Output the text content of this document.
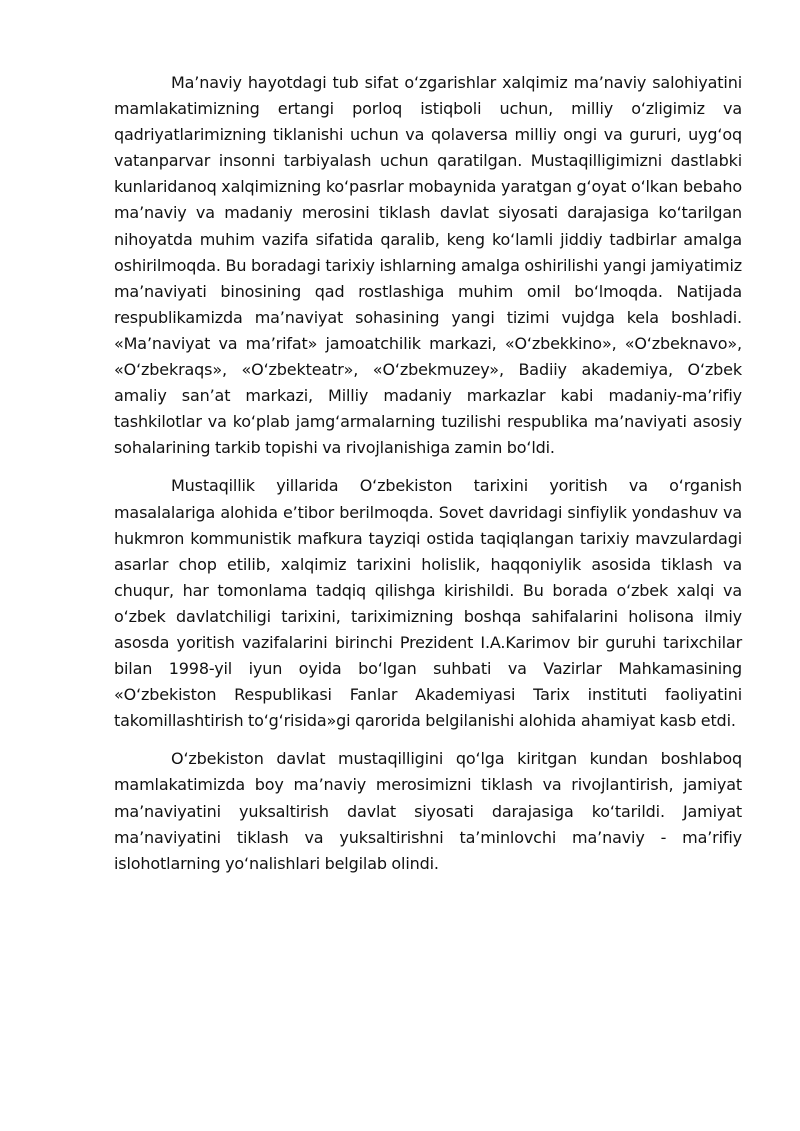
Ma’naviy hayotdagi tub sifat o‘zgarishlar xalqimiz ma’naviy salohiyatini mamlakatimizning ertangi porloq istiqboli uchun, milliy o‘zligimiz va qadriyatlarimizning tiklanishi uchun va qolaversa milliy ongi va gururi, uyg‘oq vatanparvar insonni tarbiyalash uchun qaratilgan. Mustaqilligimizni dastlabki kunlaridanoq xalqimizning ko‘pasrlar mobaynida yaratgan g‘oyat o‘lkan bebaho ma’naviy va madaniy merosini tiklash davlat siyosati darajasiga ko‘tarilgan nihoyatda muhim vazifa sifatida qaralib, keng ko‘lamli jiddiy tadbirlar amalga oshirilmoqda. Bu boradagi tarixiy ishlarning amalga oshirilishi yangi jamiyatimiz ma’naviyati binosining qad rostlashiga muhim omil bo‘lmoqda. Natijada respublikamizda ma’naviyat sohasining yangi tizimi vujdga kela boshladi. «Ma’naviyat va ma’rifat» jamoatchilik markazi, «O‘zbekkino», «O‘zbeknavo», «O‘zbekraqs», «O‘zbekteatr», «O‘zbekmuzey», Badiiy akademiya, O‘zbek amaliy san’at markazi, Milliy madaniy markazlar kabi madaniy-ma’rifiy tashkilotlar va ko‘plab jamg‘armalarning tuzilishi respublika ma’naviyati asosiy sohalarining tarkib topishi va rivojlanishiga zamin bo‘ldi.

Mustaqillik yillarida O‘zbekiston tarixini yoritish va o‘rganish masalalariga alohida e’tibor berilmoqda. Sovet davridagi sinfiylik yondashuv va hukmron kommunistik mafkura tayziqi ostida taqiqlangan tarixiy mavzulardagi asarlar chop etilib, xalqimiz tarixini holislik, haqqoniylik asosida tiklash va chuqur, har tomonlama tadqiq qilishga kirishildi. Bu borada o‘zbek xalqi va o‘zbek davlatchiligi tarixini, tariximizning boshqa sahifalarini holisona ilmiy asosda yoritish vazifalarini birinchi Prezident I.A.Karimov bir guruhi tarixchilar bilan 1998-yil iyun oyida bo‘lgan suhbati va Vazirlar Mahkamasining «O‘zbekiston Respublikasi Fanlar Akademiyasi Tarix instituti faoliyatini takomillashtirish to‘g‘risida»gi qarorida belgilanishi alohida ahamiyat kasb etdi.

O‘zbekiston davlat mustaqilligini qo‘lga kiritgan kundan boshlaboq mamlakatimizda boy ma’naviy merosimizni tiklash va rivojlantirish, jamiyat ma’naviyatini yuksaltirish davlat siyosati darajasiga ko‘tarildi. Jamiyat ma’naviyatini tiklash va yuksaltirishni ta’minlovchi ma’naviy - ma’rifiy islohotlarning yo‘nalishlari belgilab olindi.
